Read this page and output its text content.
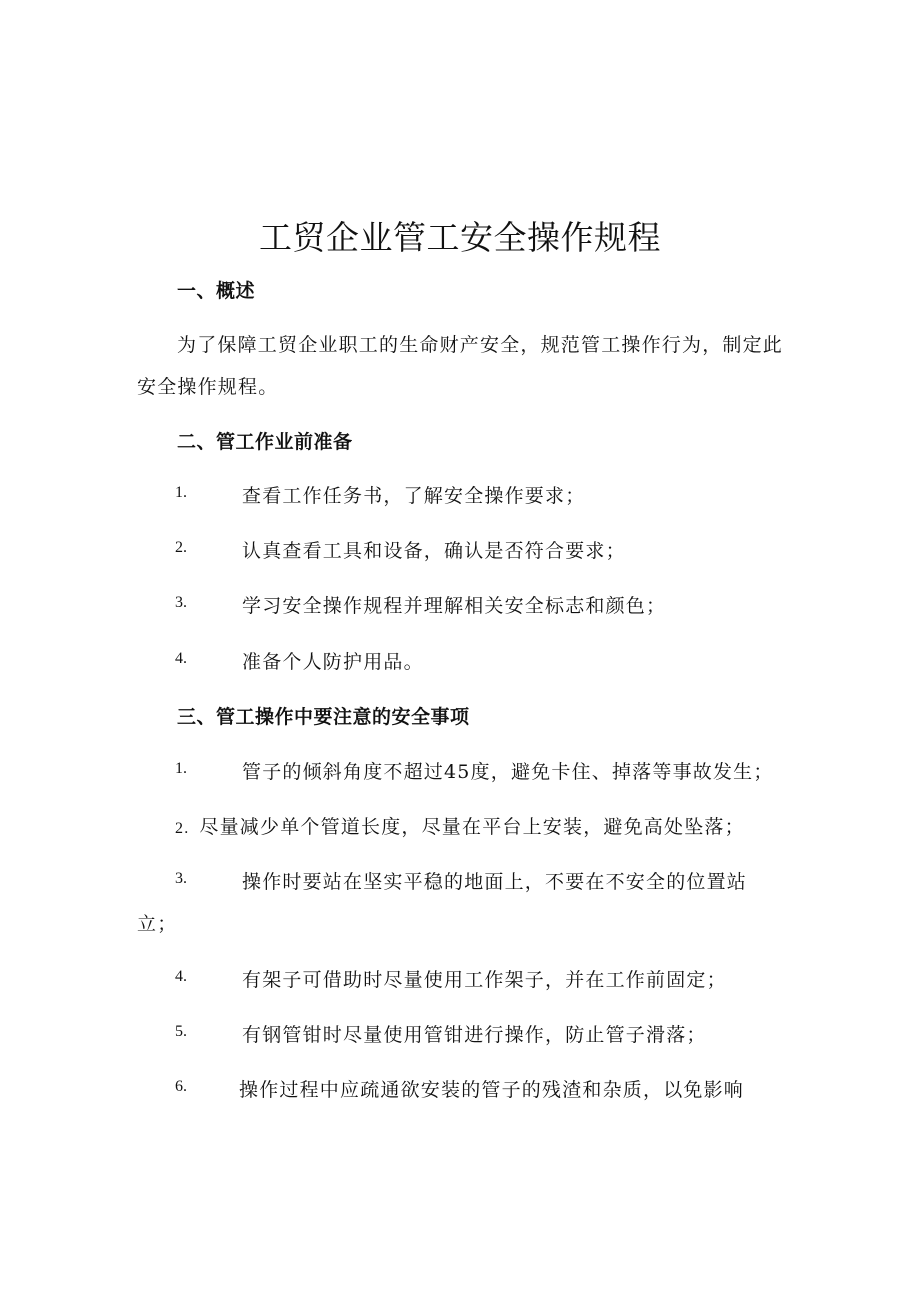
工贸企业管工安全操作规程
一、概述
为了保障工贸企业职工的生命财产安全，规范管工操作行为，制定此
安全操作规程。
二、管工作业前准备
1.	查看工作任务书，了解安全操作要求；
2.	认真查看工具和设备，确认是否符合要求；
3.	学习安全操作规程并理解相关安全标志和颜色；
4.	准备个人防护用品。
三、管工操作中要注意的安全事项
1.	管子的倾斜角度不超过45度，避免卡住、掉落等事故发生；
2. 尽量减少单个管道长度，尽量在平台上安装，避免高处坠落；
3.	操作时要站在坚实平稳的地面上，不要在不安全的位置站
立；
4.	有架子可借助时尽量使用工作架子，并在工作前固定；
5.	有钢管钳时尽量使用管钳进行操作，防止管子滑落；
6.	操作过程中应疏通欲安装的管子的残渣和杂质，以免影响
